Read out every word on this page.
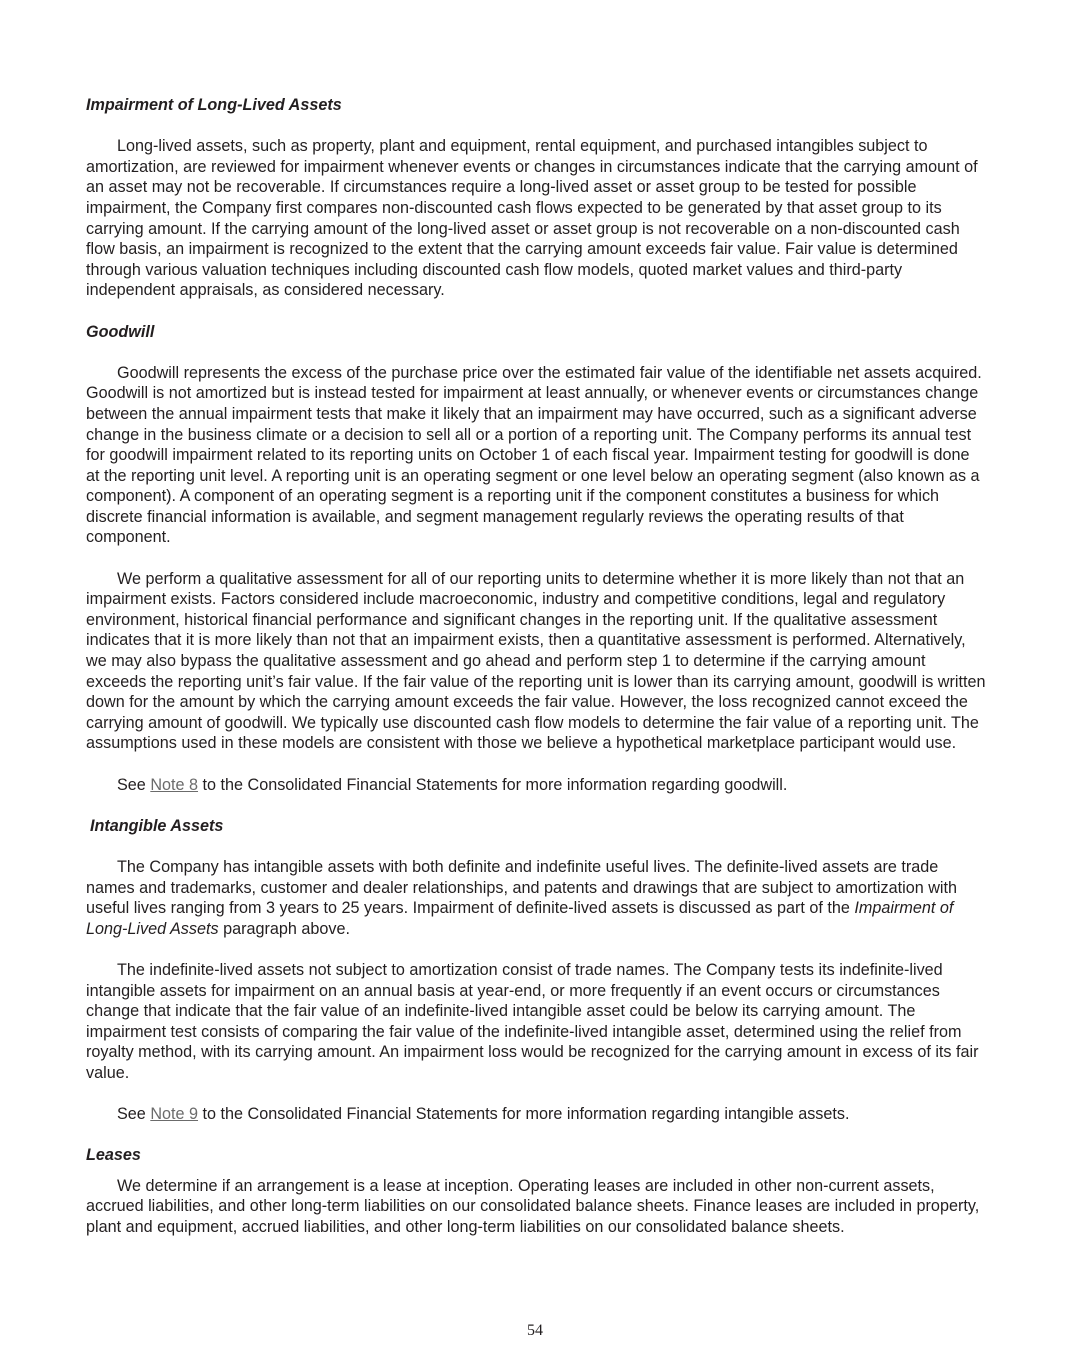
Impairment of Long-Lived Assets

Long-lived assets, such as property, plant and equipment, rental equipment, and purchased intangibles subject to amortization, are reviewed for impairment whenever events or changes in circumstances indicate that the carrying amount of an asset may not be recoverable. If circumstances require a long-lived asset or asset group to be tested for possible impairment, the Company first compares non-discounted cash flows expected to be generated by that asset group to its carrying amount. If the carrying amount of the long-lived asset or asset group is not recoverable on a non-discounted cash flow basis, an impairment is recognized to the extent that the carrying amount exceeds fair value. Fair value is determined through various valuation techniques including discounted cash flow models, quoted market values and third-party independent appraisals, as considered necessary.

Goodwill

Goodwill represents the excess of the purchase price over the estimated fair value of the identifiable net assets acquired. Goodwill is not amortized but is instead tested for impairment at least annually, or whenever events or circumstances change between the annual impairment tests that make it likely that an impairment may have occurred, such as a significant adverse change in the business climate or a decision to sell all or a portion of a reporting unit. The Company performs its annual test for goodwill impairment related to its reporting units on October 1 of each fiscal year. Impairment testing for goodwill is done at the reporting unit level. A reporting unit is an operating segment or one level below an operating segment (also known as a component). A component of an operating segment is a reporting unit if the component constitutes a business for which discrete financial information is available, and segment management regularly reviews the operating results of that component.

We perform a qualitative assessment for all of our reporting units to determine whether it is more likely than not that an impairment exists. Factors considered include macroeconomic, industry and competitive conditions, legal and regulatory environment, historical financial performance and significant changes in the reporting unit. If the qualitative assessment indicates that it is more likely than not that an impairment exists, then a quantitative assessment is performed. Alternatively, we may also bypass the qualitative assessment and go ahead and perform step 1 to determine if the carrying amount exceeds the reporting unit’s fair value. If the fair value of the reporting unit is lower than its carrying amount, goodwill is written down for the amount by which the carrying amount exceeds the fair value. However, the loss recognized cannot exceed the carrying amount of goodwill. We typically use discounted cash flow models to determine the fair value of a reporting unit. The assumptions used in these models are consistent with those we believe a hypothetical marketplace participant would use.

See Note 8 to the Consolidated Financial Statements for more information regarding goodwill.

Intangible Assets

The Company has intangible assets with both definite and indefinite useful lives. The definite-lived assets are trade names and trademarks, customer and dealer relationships, and patents and drawings that are subject to amortization with useful lives ranging from 3 years to 25 years. Impairment of definite-lived assets is discussed as part of the Impairment of Long-Lived Assets paragraph above.

The indefinite-lived assets not subject to amortization consist of trade names. The Company tests its indefinite-lived intangible assets for impairment on an annual basis at year-end, or more frequently if an event occurs or circumstances change that indicate that the fair value of an indefinite-lived intangible asset could be below its carrying amount. The impairment test consists of comparing the fair value of the indefinite-lived intangible asset, determined using the relief from royalty method, with its carrying amount. An impairment loss would be recognized for the carrying amount in excess of its fair value.

See Note 9 to the Consolidated Financial Statements for more information regarding intangible assets.

Leases

We determine if an arrangement is a lease at inception. Operating leases are included in other non-current assets, accrued liabilities, and other long-term liabilities on our consolidated balance sheets. Finance leases are included in property, plant and equipment, accrued liabilities, and other long-term liabilities on our consolidated balance sheets.

54
